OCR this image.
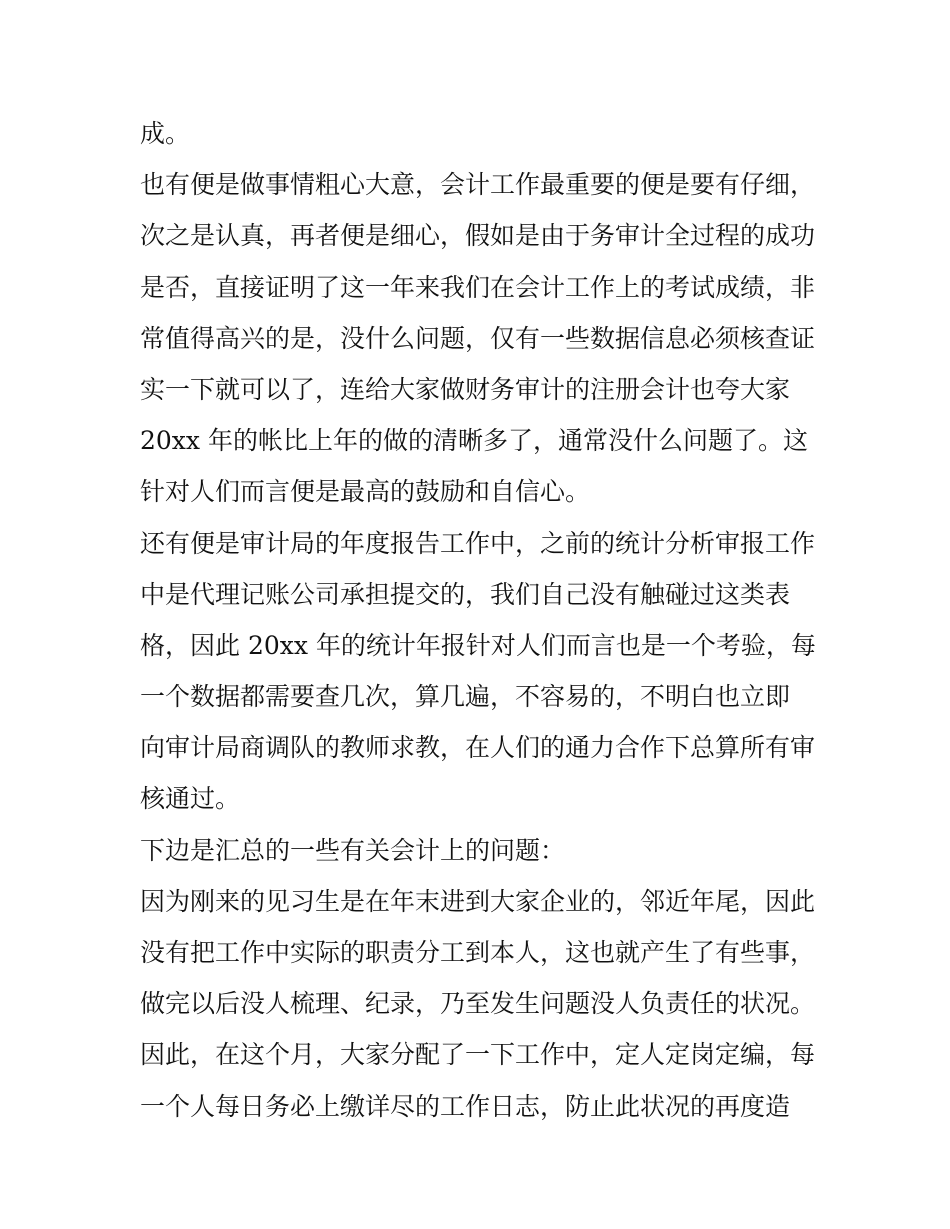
成。
也有便是做事情粗心大意，会计工作最重要的便是要有仔细，
次之是认真，再者便是细心，假如是由于务审计全过程的成功
是否，直接证明了这一年来我们在会计工作上的考试成绩，非
常值得高兴的是，没什么问题，仅有一些数据信息必须核查证
实一下就可以了，连给大家做财务审计的注册会计也夸大家
20xx 年的帐比上年的做的清晰多了，通常没什么问题了。这
针对人们而言便是最高的鼓励和自信心。
还有便是审计局的年度报告工作中，之前的统计分析审报工作
中是代理记账公司承担提交的，我们自己没有触碰过这类表
格，因此 20xx 年的统计年报针对人们而言也是一个考验，每
一个数据都需要查几次，算几遍，不容易的，不明白也立即
向审计局商调队的教师求教，在人们的通力合作下总算所有审
核通过。
下边是汇总的一些有关会计上的问题：
因为刚来的见习生是在年末进到大家企业的，邻近年尾，因此
没有把工作中实际的职责分工到本人，这也就产生了有些事，
做完以后没人梳理、纪录，乃至发生问题没人负责任的状况。
因此，在这个月，大家分配了一下工作中，定人定岗定编，每
一个人每日务必上缴详尽的工作日志，防止此状况的再度造
